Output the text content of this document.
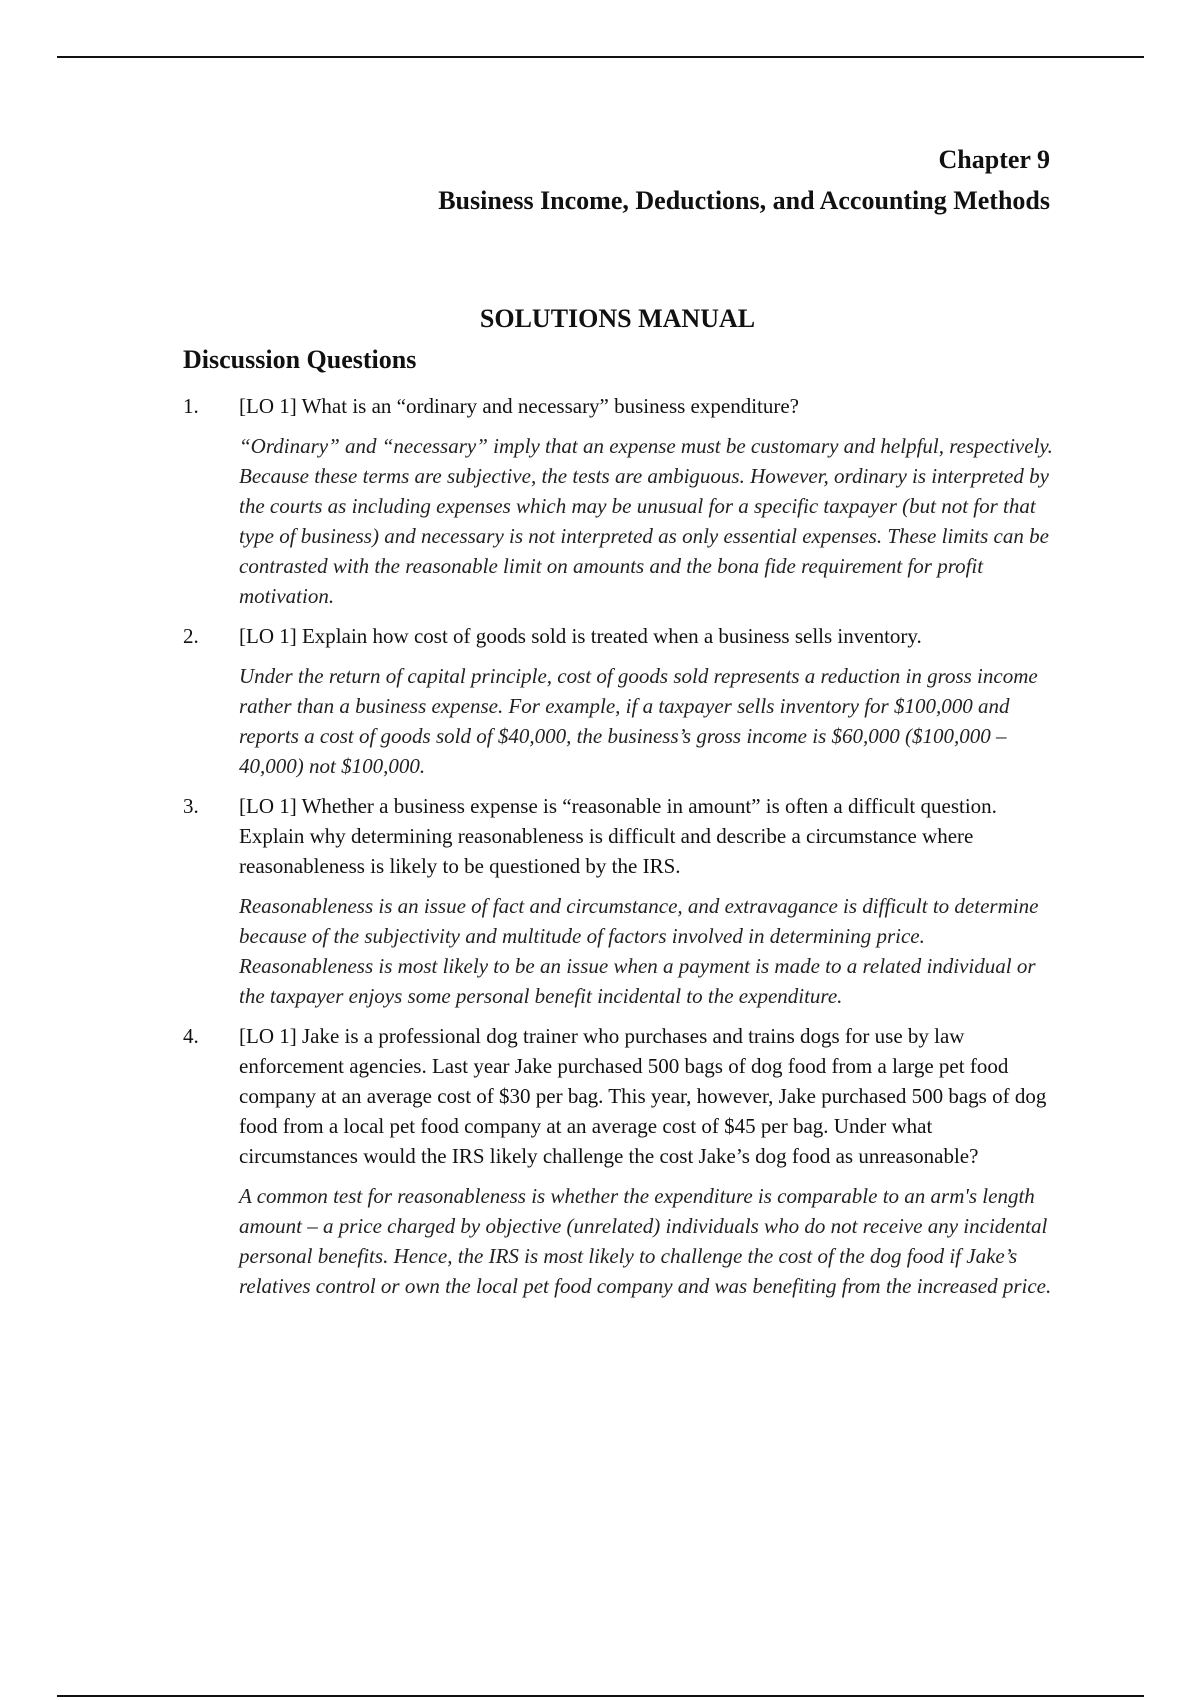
Chapter 9
Business Income, Deductions, and Accounting Methods
SOLUTIONS MANUAL
Discussion Questions
1. [LO 1] What is an “ordinary and necessary” business expenditure?
“Ordinary” and “necessary” imply that an expense must be customary and helpful, respectively. Because these terms are subjective, the tests are ambiguous. However, ordinary is interpreted by the courts as including expenses which may be unusual for a specific taxpayer (but not for that type of business) and necessary is not interpreted as only essential expenses. These limits can be contrasted with the reasonable limit on amounts and the bona fide requirement for profit motivation.
2. [LO 1] Explain how cost of goods sold is treated when a business sells inventory.
Under the return of capital principle, cost of goods sold represents a reduction in gross income rather than a business expense. For example, if a taxpayer sells inventory for $100,000 and reports a cost of goods sold of $40,000, the business’s gross income is $60,000 ($100,000 – 40,000) not $100,000.
3. [LO 1] Whether a business expense is “reasonable in amount” is often a difficult question. Explain why determining reasonableness is difficult and describe a circumstance where reasonableness is likely to be questioned by the IRS.
Reasonableness is an issue of fact and circumstance, and extravagance is difficult to determine because of the subjectivity and multitude of factors involved in determining price. Reasonableness is most likely to be an issue when a payment is made to a related individual or the taxpayer enjoys some personal benefit incidental to the expenditure.
4. [LO 1] Jake is a professional dog trainer who purchases and trains dogs for use by law enforcement agencies. Last year Jake purchased 500 bags of dog food from a large pet food company at an average cost of $30 per bag. This year, however, Jake purchased 500 bags of dog food from a local pet food company at an average cost of $45 per bag. Under what circumstances would the IRS likely challenge the cost Jake’s dog food as unreasonable?
A common test for reasonableness is whether the expenditure is comparable to an arm's length amount – a price charged by objective (unrelated) individuals who do not receive any incidental personal benefits. Hence, the IRS is most likely to challenge the cost of the dog food if Jake’s relatives control or own the local pet food company and was benefiting from the increased price.
